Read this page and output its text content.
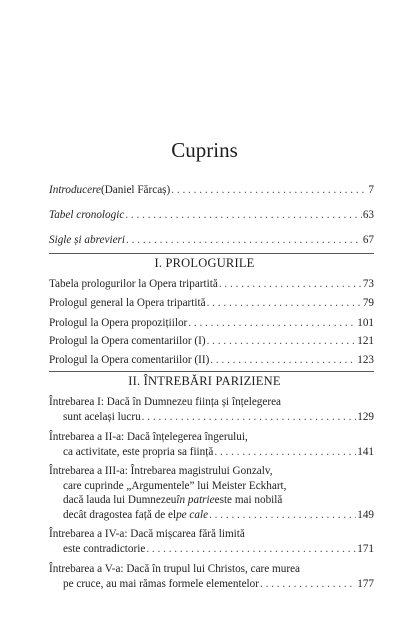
Cuprins
Introducere (Daniel Fărcaș) . . .	7
Tabel cronologic . . .	63
Sigle și abrevieri . . .	67
I. PROLOGURILE
Tabela prologurilor la Opera tripartită . . .	73
Prologul general la Opera tripartită . . .	79
Prologul la Opera propozițiilor . . .	101
Prologul la Opera comentariilor (I) . . .	121
Prologul la Opera comentariilor (II) . . .	123
II. ÎNTREBĂRI PARIZIENE
Întrebarea I: Dacă în Dumnezeu ființa și înțelegerea
sunt același lucru . . .	129
Întrebarea a II-a: Dacă înțelegerea îngerului,
ca activitate, este propria sa ființă . . .	141
Întrebarea a III-a: Întrebarea magistrului Gonzalv,
care cuprinde „Argumentele” lui Meister Eckhart,
dacă lauda lui Dumnezeu în patrie este mai nobilă
decât dragostea față de el pe cale . . .	149
Întrebarea a IV-a: Dacă mișcarea fără limită
este contradictorie . . .	171
Întrebarea a V-a: Dacă în trupul lui Christos, care murea
pe cruce, au mai rămas formele elementelor . . .	177
